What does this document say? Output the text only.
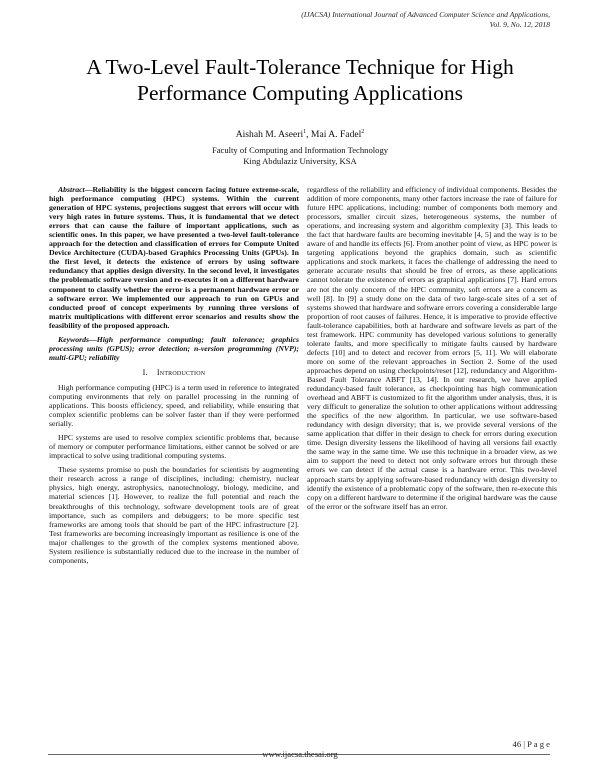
(IJACSA) International Journal of Advanced Computer Science and Applications,
Vol. 9, No. 12, 2018
A Two-Level Fault-Tolerance Technique for High
Performance Computing Applications
Aishah M. Aseeri$^1$, Mai A. Fadel$^2$
Faculty of Computing and Information Technology
King Abdulaziz University, KSA

Abstract—Reliability is the biggest concern facing future extreme-scale, high performance computing (HPC) systems. Within the current generation of HPC systems, projections suggest that errors will occur with very high rates in future systems. Thus, it is fundamental that we detect errors that can cause the failure of important applications, such as scientific ones. In this paper, we have presented a two-level fault-tolerance approach for the detection and classification of errors for Compute United Device Architecture (CUDA)-based Graphics Processing Units (GPUs). In the first level, it detects the existence of errors by using software redundancy that applies design diversity. In the second level, it investigates the problematic software version and re-executes it on a different hardware component to classify whether the error is a permanent hardware error or a software error. We implemented our approach to run on GPUs and conducted proof of concept experiments by running three versions of matrix multiplications with different error scenarios and results show the feasibility of the proposed approach.

Keywords—High performance computing; fault tolerance; graphics processing units (GPUS); error detection; n-version programming (NVP); multi-GPU; reliability

I. Introduction

High performance computing (HPC) is a term used in reference to integrated computing environments that rely on parallel processing in the running of applications. This boosts efficiency, speed, and reliability, while ensuring that complex scientific problems can be solver faster than if they were performed serially.

HPC systems are used to resolve complex scientific problems that, because of memory or computer performance limitations, either cannot be solved or are impractical to solve using traditional computing systems.

These systems promise to push the boundaries for scientists by augmenting their research across a range of disciplines, including: chemistry, nuclear physics, high energy, astrophysics, nanotechnology, biology, medicine, and material sciences [1]. However, to realize the full potential and reach the breakthroughs of this technology, software development tools are of great importance, such as compilers and debuggers; to be more specific test frameworks are among tools that should be part of the HPC infrastructure [2]. Test frameworks are becoming increasingly important as resilience is one of the major challenges to the growth of the complex systems mentioned above. System resilience is substantially reduced due to the increase in the number of components,

regardless of the reliability and efficiency of individual components. Besides the addition of more components, many other factors increase the rate of failure for future HPC applications, including: number of components both memory and processors, smaller circuit sizes, heterogeneous systems, the number of operations, and increasing system and algorithm complexity [3]. This leads to the fact that hardware faults are becoming inevitable [4, 5] and the way is to be aware of and handle its effects [6]. From another point of view, as HPC power is targeting applications beyond the graphics domain, such as scientific applications and stock markets, it faces the challenge of addressing the need to generate accurate results that should be free of errors, as these applications cannot tolerate the existence of errors as graphical applications [7]. Hard errors are not the only concern of the HPC community, soft errors are a concern as well [8]. In [9] a study done on the data of two large-scale sites of a set of systems showed that hardware and software errors covering a considerable large proportion of root causes of failures. Hence, it is imperative to provide effective fault-tolerance capabilities, both at hardware and software levels as part of the test framework. HPC community has developed various solutions to generally tolerate faults, and more specifically to mitigate faults caused by hardware defects [10] and to detect and recover from errors [5, 11]. We will elaborate more on some of the relevant approaches in Section 2. Some of the used approaches depend on using checkpoints/reset [12], redundancy and Algorithm-Based Fault Tolerance ABFT [13, 14]. In our research, we have applied redundancy-based fault tolerance, as checkpointing has high communication overhead and ABFT is customized to fit the algorithm under analysis, thus, it is very difficult to generalize the solution to other applications without addressing the specifics of the new algorithm. In particular, we use software-based redundancy with design diversity; that is, we provide several versions of the same application that differ in their design to check for errors during execution time. Design diversity lessens the likelihood of having all versions fail exactly the same way in the same time. We use this technique in a broader view, as we aim to support the need to detect not only software errors but through these errors we can detect if the actual cause is a hardware error. This two-level approach starts by applying software-based redundancy with design diversity to identify the existence of a problematic copy of the software, then re-execute this copy on a different hardware to determine if the original hardware was the cause of the error or the software itself has an error.

46 | P a g e
www.ijacsa.thesai.org
